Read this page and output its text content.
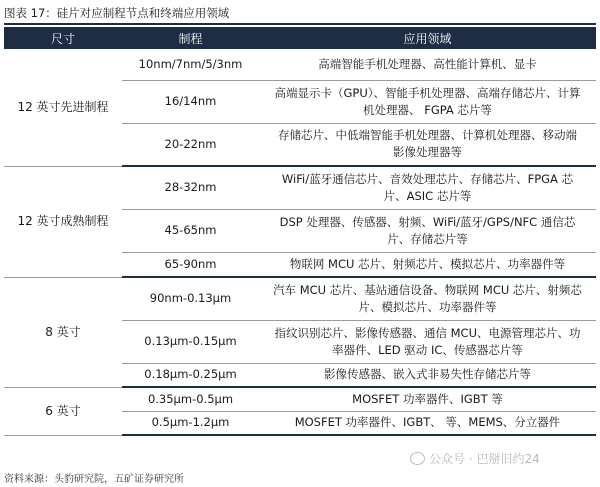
图表 17：硅片对应制程节点和终端应用领域
尺寸	制程	应用领域
12 英寸先进制程	10nm/7nm/5/3nm	高端智能手机处理器、高性能计算机、显卡
	16/14nm	高端显示卡（GPU）、智能手机处理器、高端存储芯片、计算机处理器、 FGPA 芯片等
	20-22nm	存储芯片、中低端智能手机处理器、计算机处理器、移动端影像处理器等
12 英寸成熟制程	28-32nm	WiFi/蓝牙通信芯片、音效处理芯片、存储芯片、FPGA 芯片、ASIC 芯片等
	45-65nm	DSP 处理器、传感器、射频、WiFi/蓝牙/GPS/NFC 通信芯片、存储芯片等
	65-90nm	物联网 MCU 芯片、射频芯片、模拟芯片、功率器件等
8 英寸	90nm-0.13μm	汽车 MCU 芯片、基站通信设备、物联网 MCU 芯片、射频芯片、模拟芯片、功率器件等
	0.13μm-0.15μm	指纹识别芯片、影像传感器、通信 MCU、电源管理芯片、功率器件、LED 驱动 IC、传感器芯片等
	0.18μm-0.25μm	影像传感器、嵌入式非易失性存储芯片等
6 英寸	0.35μm-0.5μm	MOSFET 功率器件、IGBT 等
	0.5μm-1.2μm	MOSFET 功率器件、IGBT、 等、MEMS、分立器件
公众号 · 巴掰旧约24
资料来源：头豹研究院，五矿证券研究所
